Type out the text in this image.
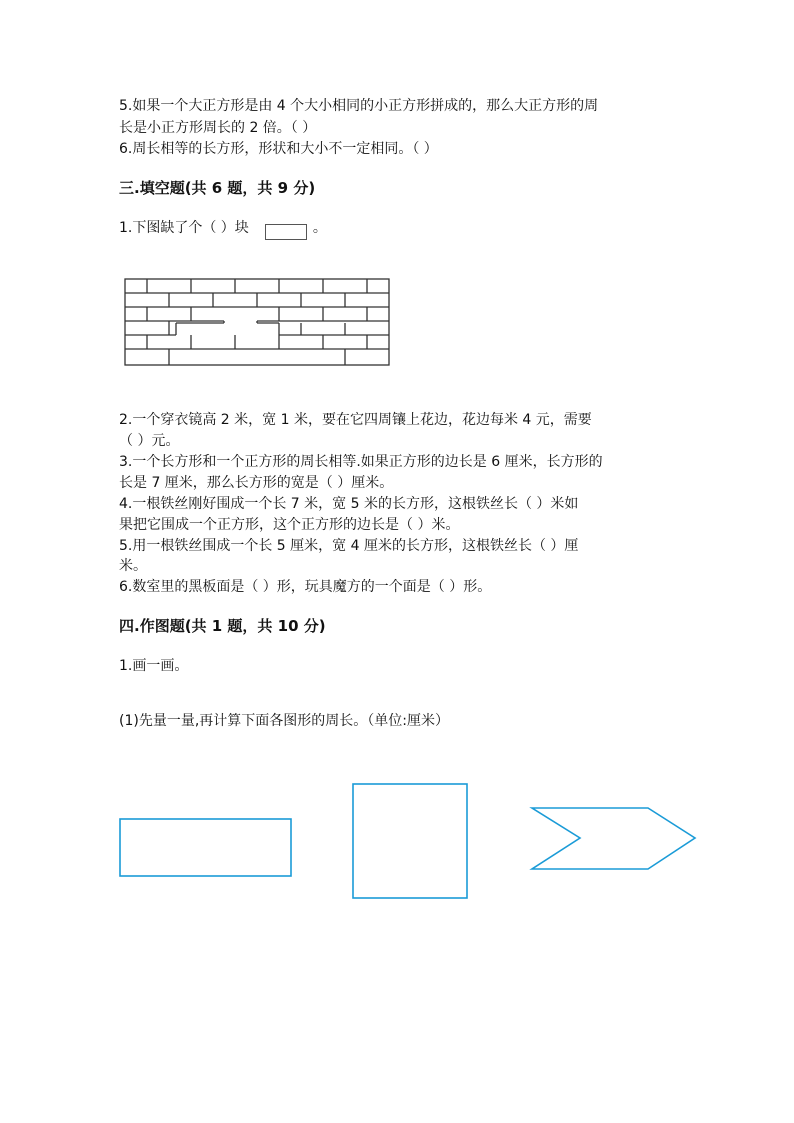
5.如果一个大正方形是由 4 个大小相同的小正方形拼成的，那么大正方形的周
长是小正方形周长的 2 倍。（ ）
6.周长相等的长方形，形状和大小不一定相同。（ ）
三.填空题(共 6 题，共 9 分)
1.下图缺了个（ ）块	。
2.一个穿衣镜高 2 米，宽 1 米，要在它四周镶上花边，花边每米 4 元，需要
（ ）元。
3.一个长方形和一个正方形的周长相等.如果正方形的边长是 6 厘米，长方形的
长是 7 厘米，那么长方形的宽是（ ）厘米。
4.一根铁丝刚好围成一个长 7 米，宽 5 米的长方形，这根铁丝长（ ）米如
果把它围成一个正方形，这个正方形的边长是（ ）米。
5.用一根铁丝围成一个长 5 厘米，宽 4 厘米的长方形，这根铁丝长（ ）厘
米。
6.数室里的黑板面是（ ）形，玩具魔方的一个面是（ ）形。
四.作图题(共 1 题，共 10 分)
1.画一画。
(1)先量一量,再计算下面各图形的周长。（单位:厘米）
